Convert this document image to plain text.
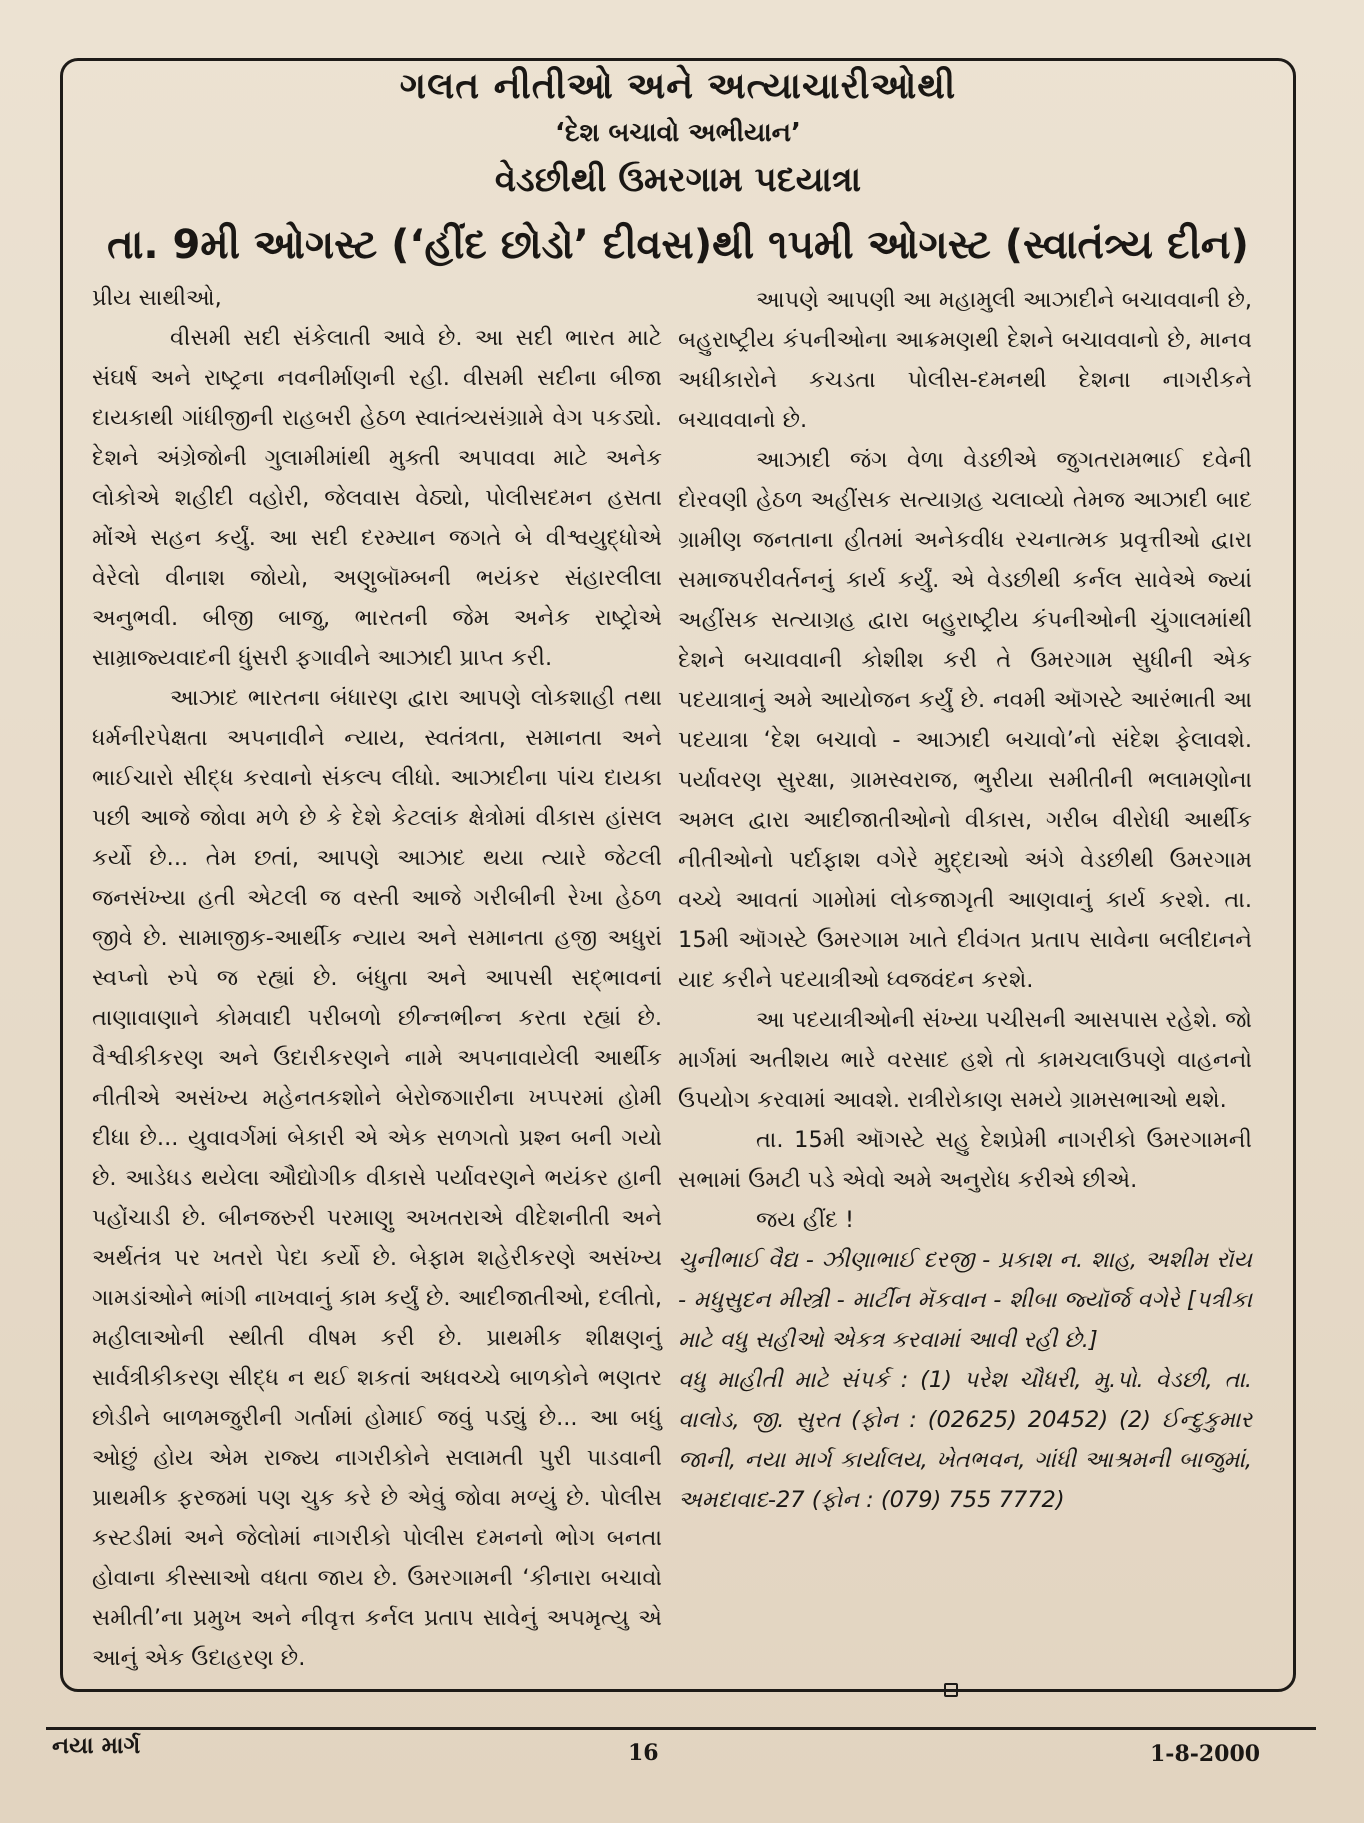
ગલત નીતીઓ અને અત્યાચારીઓથી
‘દેશ બચાવો અભીયાન’
વેડછીથી ઉમરગામ પદયાત્રા
તા. 9મી ઓગસ્ટ (‘હીંદ છોડો’ દીવસ)થી ૧૫મી ઓગસ્ટ (સ્વાતંત્ર્ય દીન)

પ્રીય સાથીઓ,

વીસમી સદી સંકેલાતી આવે છે. આ સદી ભારત માટે સંઘર્ષ અને રાષ્ટ્રના નવનીર્માણની રહી. વીસમી સદીના બીજા દાયકાથી ગાંધીજીની રાહબરી હેઠળ સ્વાતંત્ર્યસંગ્રામે વેગ પકડ્યો. દેશને અંગ્રેજોની ગુલામીમાંથી મુક્તી અપાવવા માટે અનેક લોકોએ શહીદી વહોરી, જેલવાસ વેઠ્યો, પોલીસદમન હસતા મોંએ સહન કર્યું. આ સદી દરમ્યાન જગતે બે વીશ્વયુદ્ધોએ વેરેલો વીનાશ જોયો, અણુબૉમ્બની ભયંકર સંહારલીલા અનુભવી. બીજી બાજુ, ભારતની જેમ અનેક રાષ્ટ્રોએ સામ્રાજ્યવાદની ધુંસરી ફગાવીને આઝાદી પ્રાપ્ત કરી.

આઝાદ ભારતના બંધારણ દ્વારા આપણે લોકશાહી તથા ધર્મનીરપેક્ષતા અપનાવીને ન્યાય, સ્વતંત્રતા, સમાનતા અને ભાઈચારો સીદ્ધ કરવાનો સંકલ્પ લીધો. આઝાદીના પાંચ દાયકા પછી આજે જોવા મળે છે કે દેશે કેટલાંક ક્ષેત્રોમાં વીકાસ હાંસલ કર્યો છે... તેમ છતાં, આપણે આઝાદ થયા ત્યારે જેટલી જનસંખ્યા હતી એટલી જ વસ્તી આજે ગરીબીની રેખા હેઠળ જીવે છે. સામાજીક-આર્થીક ન્યાય અને સમાનતા હજી અધુરાં સ્વપ્નો રુપે જ રહ્યાં છે. બંધુતા અને આપસી સદ્ભાવનાં તાણાવાણાને કોમવાદી પરીબળો છીન્નભીન્ન કરતા રહ્યાં છે. વૈશ્વીકીકરણ અને ઉદારીકરણને નામે અપનાવાયેલી આર્થીક નીતીએ અસંખ્ય મહેનતકશોને બેરોજગારીના ખપ્પરમાં હોમી દીધા છે... યુવાવર્ગમાં બેકારી એ એક સળગતો પ્રશ્ન બની ગયો છે. આડેધડ થયેલા ઔદ્યોગીક વીકાસે પર્યાવરણને ભયંકર હાની પહોંચાડી છે. બીનજરુરી પરમાણુ અખતરાએ વીદેશનીતી અને અર્થતંત્ર પર ખતરો પેદા કર્યો છે. બેફામ શહેરીકરણે અસંખ્ય ગામડાંઓને ભાંગી નાખવાનું કામ કર્યું છે. આદીજાતીઓ, દલીતો, મહીલાઓની સ્થીતી વીષમ કરી છે. પ્રાથમીક શીક્ષણનું સાર્વત્રીકીકરણ સીદ્ધ ન થઈ શકતાં અધવચ્ચે બાળકોને ભણતર છોડીને બાળમજુરીની ગર્તામાં હોમાઈ જવું પડ્યું છે... આ બધું ઓછું હોય એમ રાજ્ય નાગરીકોને સલામતી પુરી પાડવાની પ્રાથમીક ફરજમાં પણ ચુક કરે છે એવું જોવા મળ્યું છે. પોલીસ કસ્ટડીમાં અને જેલોમાં નાગરીકો પોલીસ દમનનો ભોગ બનતા હોવાના કીસ્સાઓ વધતા જાય છે. ઉમરગામની ‘કીનારા બચાવો સમીતી’ના પ્રમુખ અને નીવૃત્ત કર્નલ પ્રતાપ સાવેનું અપમૃત્યુ એ આનું એક ઉદાહરણ છે.

આપણે આપણી આ મહામુલી આઝાદીને બચાવવાની છે, બહુરાષ્ટ્રીય કંપનીઓના આક્રમણથી દેશને બચાવવાનો છે, માનવ અધીકારોને કચડતા પોલીસ-દમનથી દેશના નાગરીકને બચાવવાનો છે.

આઝાદી જંગ વેળા વેડછીએ જુગતરામભાઈ દવેની દોરવણી હેઠળ અહીંસક સત્યાગ્રહ ચલાવ્યો તેમજ આઝાદી બાદ ગ્રામીણ જનતાના હીતમાં અનેકવીધ રચનાત્મક પ્રવૃત્તીઓ દ્વારા સમાજપરીવર્તનનું કાર્ય કર્યું. એ વેડછીથી કર્નલ સાવેએ જ્યાં અહીંસક સત્યાગ્રહ દ્વારા બહુરાષ્ટ્રીય કંપનીઓની ચુંગાલમાંથી દેશને બચાવવાની કોશીશ કરી તે ઉમરગામ સુધીની એક પદયાત્રાનું અમે આયોજન કર્યું છે. નવમી ઑગસ્ટે આરંભાતી આ પદયાત્રા ‘દેશ બચાવો - આઝાદી બચાવો’નો સંદેશ ફેલાવશે. પર્યાવરણ સુરક્ષા, ગ્રામસ્વરાજ, ભુરીયા સમીતીની ભલામણોના અમલ દ્વારા આદીજાતીઓનો વીકાસ, ગરીબ વીરોધી આર્થીક નીતીઓનો પર્દાફાશ વગેરે મુદ્દાઓ અંગે વેડછીથી ઉમરગામ વચ્ચે આવતાં ગામોમાં લોકજાગૃતી આણવાનું કાર્ય કરશે. તા. 15મી ઑગસ્ટે ઉમરગામ ખાતે દીવંગત પ્રતાપ સાવેના બલીદાનને યાદ કરીને પદયાત્રીઓ ધ્વજવંદન કરશે.

આ પદયાત્રીઓની સંખ્યા પચીસની આસપાસ રહેશે. જો માર્ગમાં અતીશય ભારે વરસાદ હશે તો કામચલાઉપણે વાહનનો ઉપયોગ કરવામાં આવશે. રાત્રીરોકાણ સમયે ગ્રામસભાઓ થશે.

તા. 15મી ઑગસ્ટે સહુ દેશપ્રેમી નાગરીકો ઉમરગામની સભામાં ઉમટી પડે એવો અમે અનુરોધ કરીએ છીએ.

જય હીંદ !

ચુનીભાઈ વૈદ્ય - ઝીણાભાઈ દરજી - પ્રકાશ ન. શાહ, અશીમ રૉય - મધુસુદન મીસ્ત્રી - માર્ટીન મૅકવાન - શીબા જ્યૉર્જ વગેરે [પત્રીકા માટે વધુ સહીઓ એકત્ર કરવામાં આવી રહી છે.]

વધુ માહીતી માટે સંપર્ક : (1) પરેશ ચૌધરી, મુ.પો. વેડછી, તા. વાલોડ, જી. સુરત (ફોન : (02625) 20452) (2) ઈન્દુકુમાર જાની, નયા માર્ગ કાર્યાલય, ખેતભવન, ગાંધી આશ્રમની બાજુમાં, અમદાવાદ-27 (ફોન : (079) 755 7772)

નયા માર્ગ	16	1-8-2000
